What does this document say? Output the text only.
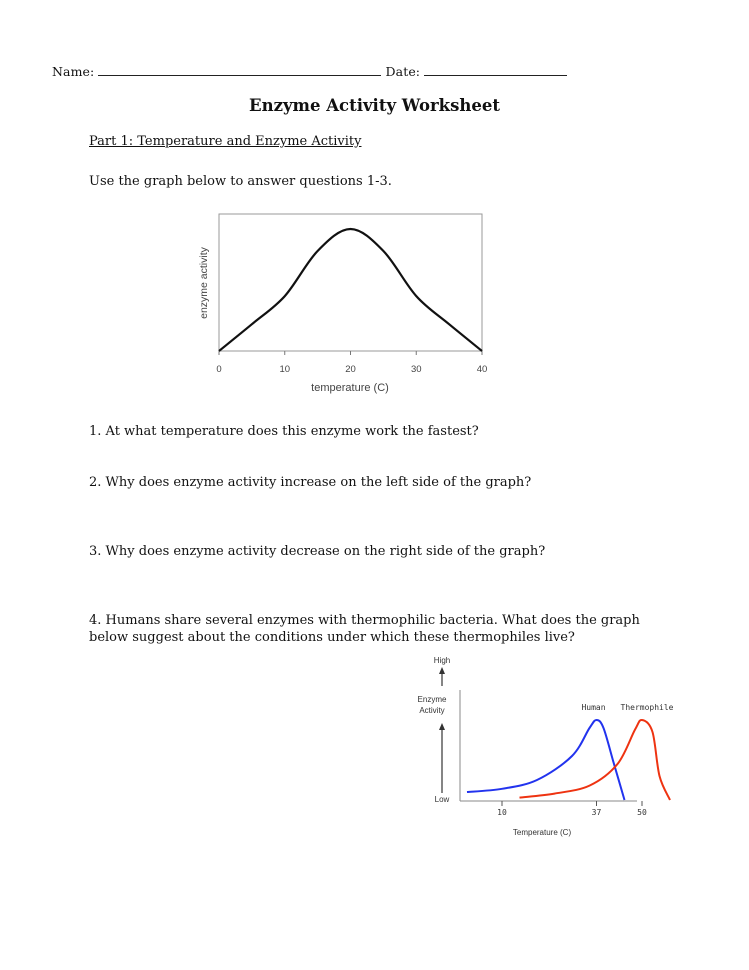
Name:	Date:
Enzyme Activity Worksheet
Part 1: Temperature and Enzyme Activity
Use the graph below to answer questions 1-3.
enzyme activity
0	10	20	30	40
temperature (C)
1. At what temperature does this enzyme work the fastest?
2. Why does enzyme activity increase on the left side of the graph?
3. Why does enzyme activity decrease on the right side of the graph?
4. Humans share several enzymes with thermophilic bacteria. What does the graph below suggest about the conditions under which these thermophiles live?
High
Enzyme Activity
Low
Temperature (C)
10	37	50
Human Thermophile
